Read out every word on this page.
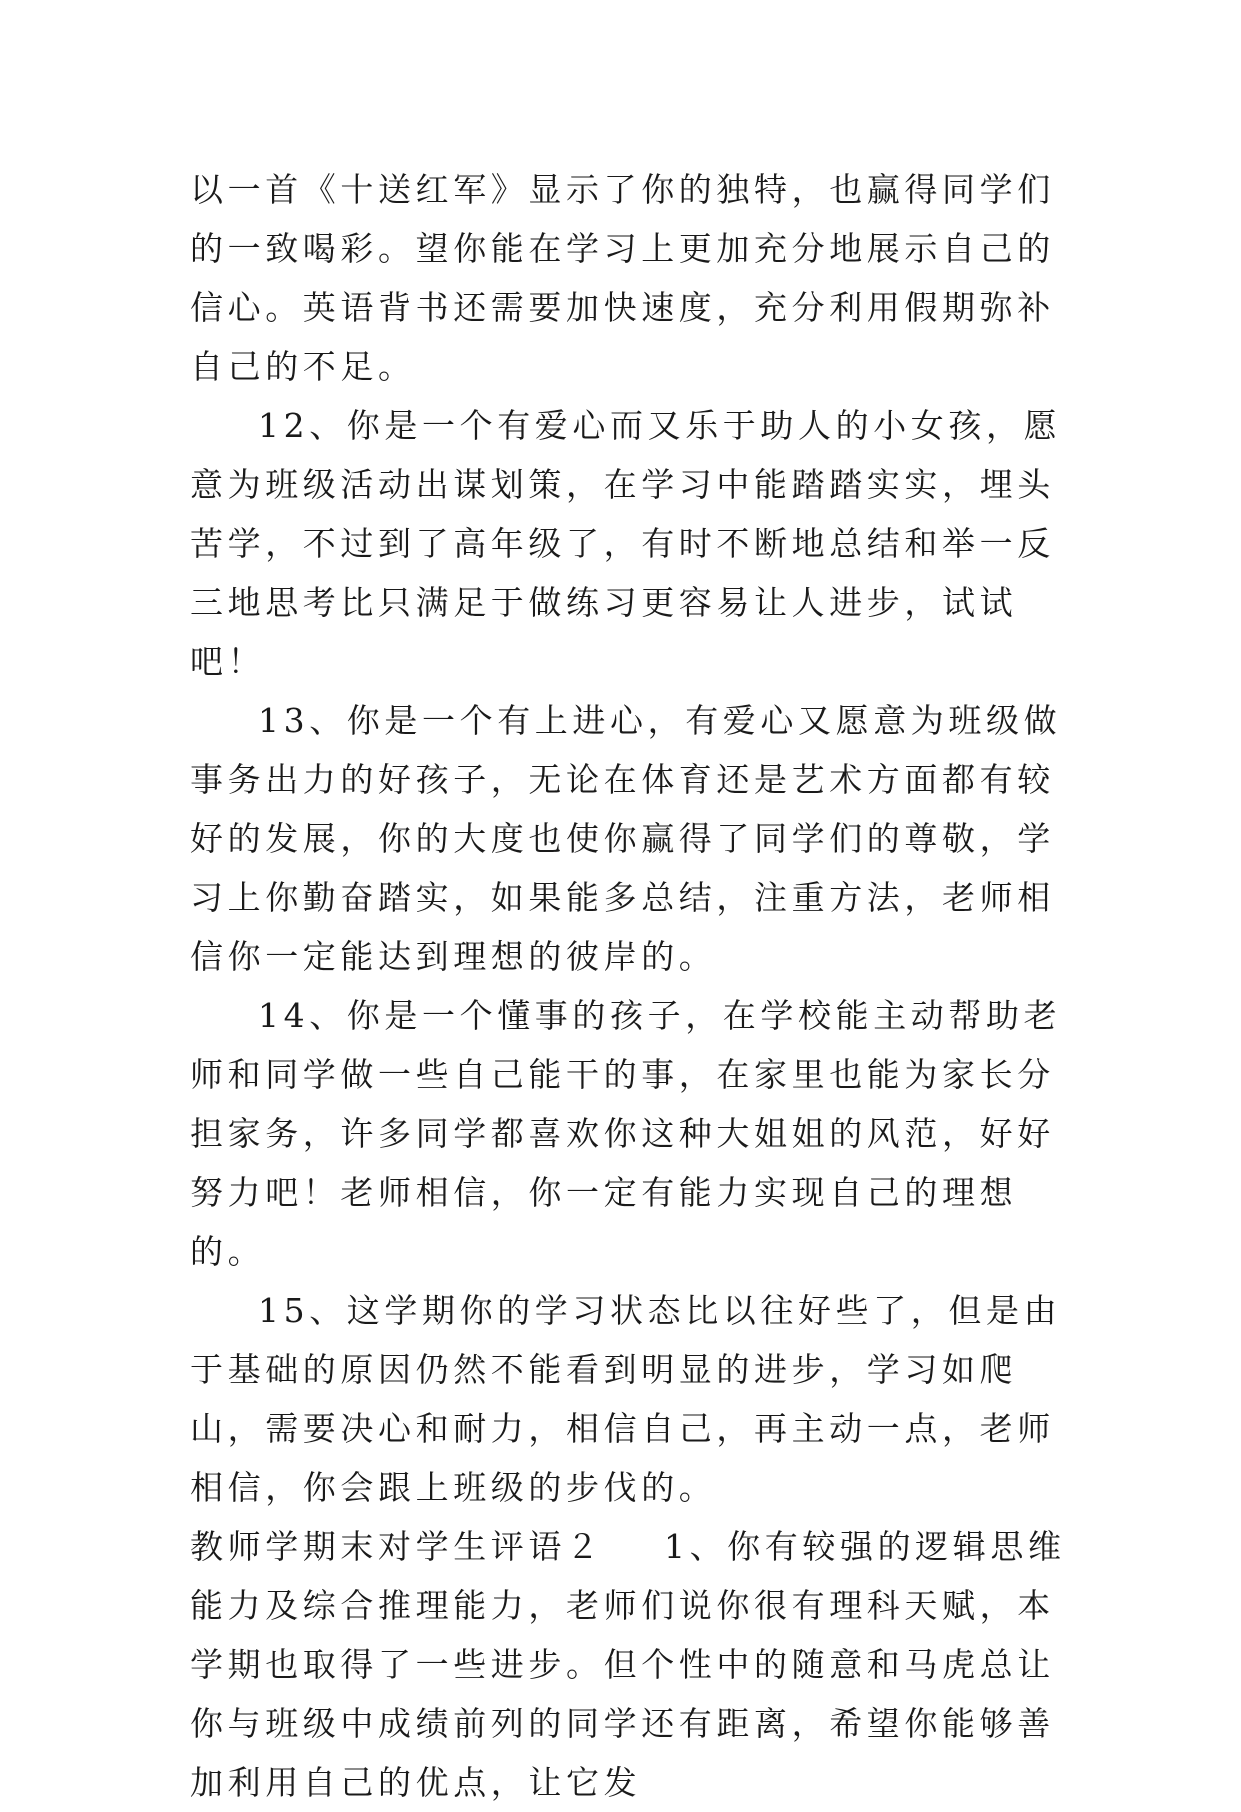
以一首《十送红军》显示了你的独特，也赢得同学们的一致喝彩。望你能在学习上更加充分地展示自己的信心。英语背书还需要加快速度，充分利用假期弥补自己的不足。

12、你是一个有爱心而又乐于助人的小女孩，愿意为班级活动出谋划策，在学习中能踏踏实实，埋头苦学，不过到了高年级了，有时不断地总结和举一反三地思考比只满足于做练习更容易让人进步，试试吧！

13、你是一个有上进心，有爱心又愿意为班级做事务出力的好孩子，无论在体育还是艺术方面都有较好的发展，你的大度也使你赢得了同学们的尊敬，学习上你勤奋踏实，如果能多总结，注重方法，老师相信你一定能达到理想的彼岸的。

14、你是一个懂事的孩子，在学校能主动帮助老师和同学做一些自己能干的事，在家里也能为家长分担家务，许多同学都喜欢你这种大姐姐的风范，好好努力吧！老师相信，你一定有能力实现自己的理想的。

15、这学期你的学习状态比以往好些了，但是由于基础的原因仍然不能看到明显的进步，学习如爬山，需要决心和耐力，相信自己，再主动一点，老师相信，你会跟上班级的步伐的。

教师学期末对学生评语２ 1、你有较强的逻辑思维能力及综合推理能力，老师们说你很有理科天赋，本学期也取得了一些进步。但个性中的随意和马虎总让你与班级中成绩前列的同学还有距离，希望你能够善加利用自己的优点，让它发
